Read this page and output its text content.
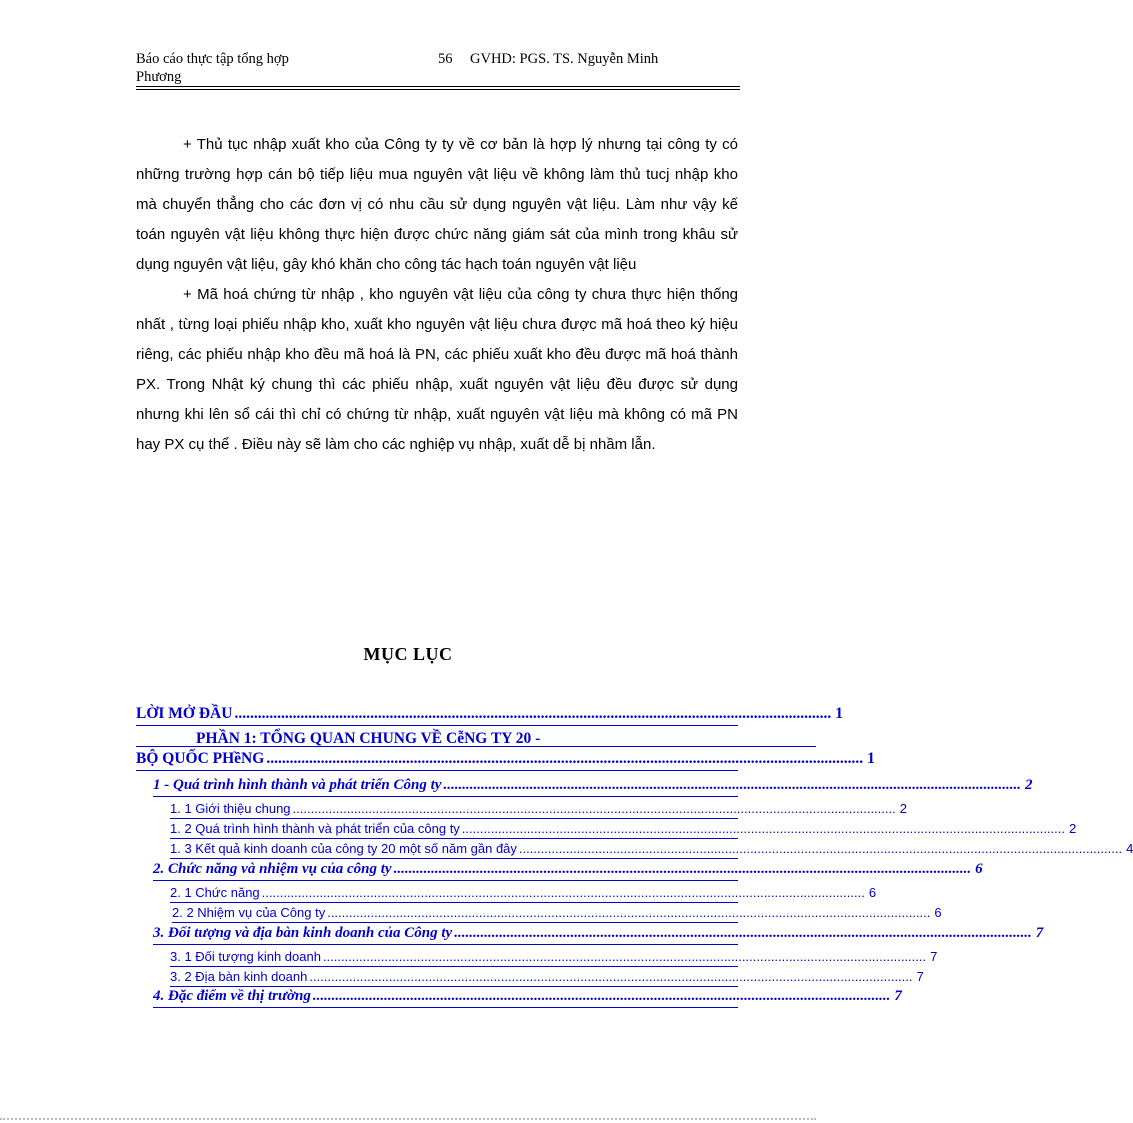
Báo cáo thực tập tổng hợp	56 GVHD: PGS. TS. Nguyễn Minh
Phương

+ Thủ tục nhập xuất kho của Công ty ty về cơ bản là hợp lý nhưng tại công ty có những trường hợp cán bộ tiếp liệu mua nguyên vật liệu về không làm thủ tucj nhập kho mà chuyển thẳng cho các đơn vị có nhu cầu sử dụng nguyên vật liệu. Làm như vậy kế toán nguyên vật liệu không thực hiện được chức năng giám sát của mình trong khâu sử dụng nguyên vật liệu, gây khó khăn cho công tác hạch toán nguyên vật liệu

+ Mã hoá chứng từ nhập , kho nguyên vật liệu của công ty chưa thực hiện thống nhất , từng loại phiếu nhập kho, xuất kho nguyên vật liệu chưa được mã hoá theo ký hiệu riêng, các phiếu nhập kho đều mã hoá là PN, các phiếu xuất kho đều được mã hoá thành PX. Trong Nhật ký chung thì các phiếu nhập, xuất nguyên vật liệu đều được sử dụng nhưng khi lên sổ cái thì chỉ có chứng từ nhập, xuất nguyên vật liệu mà không có mã PN hay PX cụ thể . Điều này sẽ làm cho các nghiệp vụ nhập, xuất dễ bị nhầm lẫn.

MỤC LỤC
LỜI MỞ ĐẦU .......................................................................................................................................................... 1
PHẦN 1: TỔNG QUAN CHUNG VỀ CễNG TY 20 -
BỘ QUỐC PHềNG .......................................................................................................................................................... 1
1 - Quá trình hình thành và phát triển Công ty .......................................................................................................................................................... 2
1. 1 Giới thiệu chung ....................................................................................................................................................................... 2
1. 2 Quá trình hình thành và phát triển của công ty ....................................................................................................................................................................... 2
1. 3 Kết quả kinh doanh của công ty 20 một số năm gần đây ....................................................................................................................................................................... 4
2. Chức năng và nhiệm vụ của công ty .......................................................................................................................................................... 6
2. 1 Chức năng ....................................................................................................................................................................... 6
2. 2 Nhiệm vụ của Công ty ....................................................................................................................................................................... 6
3. Đối tượng và địa bàn kinh doanh của Công ty .......................................................................................................................................................... 7
3. 1 Đối tượng kinh doanh ....................................................................................................................................................................... 7
3. 2 Địa bàn kinh doanh ....................................................................................................................................................................... 7
4. Đặc điểm về thị trường .......................................................................................................................................................... 7
